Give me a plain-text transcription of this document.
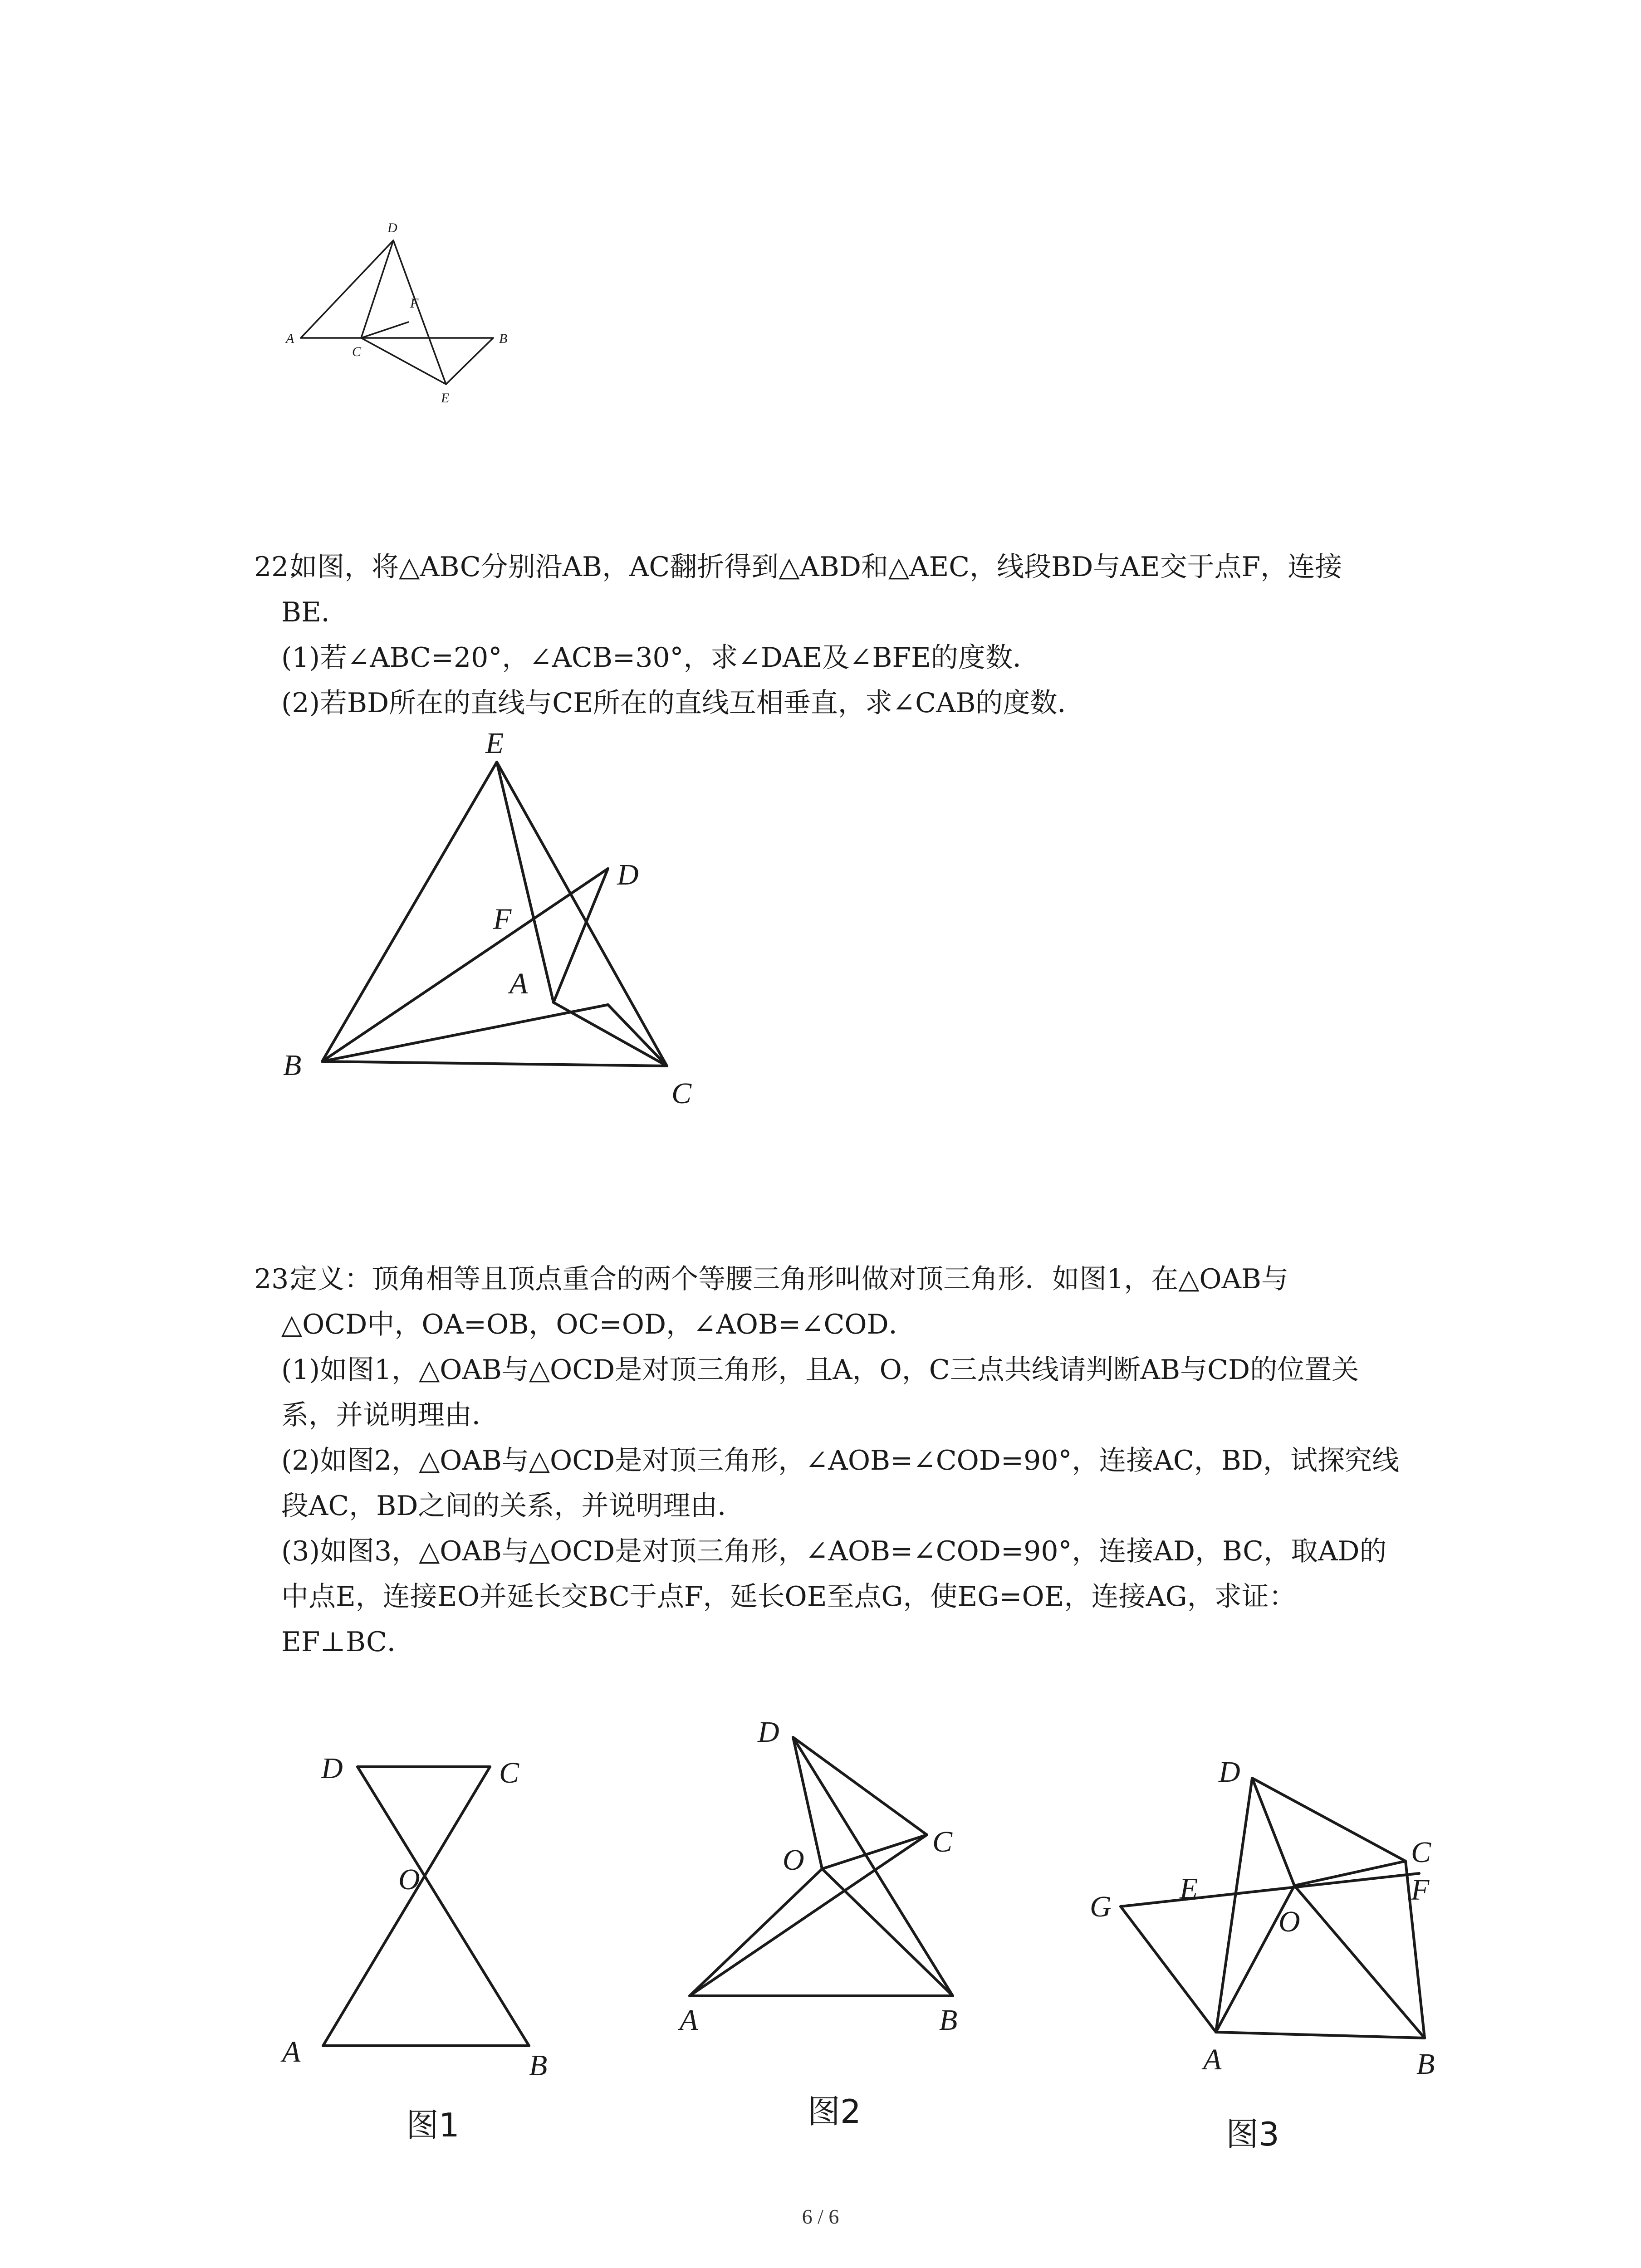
A	B
C
D
E
F

22. 如图，将△ABC分别沿AB，AC翻折得到△ABD和△AEC，线段BD与AE交于点F，连接

BE．

(1)若∠ABC=20°，∠ACB=30°，求∠DAE及∠BFE的度数．

(2)若BD所在的直线与CE所在的直线互相垂直，求∠CAB的度数．

E
D
F
A
B
C

23. 定义：顶角相等且顶点重合的两个等腰三角形叫做对顶三角形．如图1，在△OAB与

△OCD中，OA=OB，OC=OD，∠AOB=∠COD．

(1)如图1，△OAB与△OCD是对顶三角形，且A，O，C三点共线请判断AB与CD的位置关

系，并说明理由．

(2)如图2，△OAB与△OCD是对顶三角形，∠AOB=∠COD=90°，连接AC，BD，试探究线

段AC，BD之间的关系，并说明理由．

(3)如图3，△OAB与△OCD是对顶三角形，∠AOB=∠COD=90°，连接AD，BC，取AD的

中点E，连接EO并延长交BC于点F，延长OE至点G，使EG=OE，连接AG，求证：

EF⊥BC．

D	C
O
A	B
图1
D
O
C
A	B
图2
D
C
F
E
G	O
A	B
图3
6 / 6
